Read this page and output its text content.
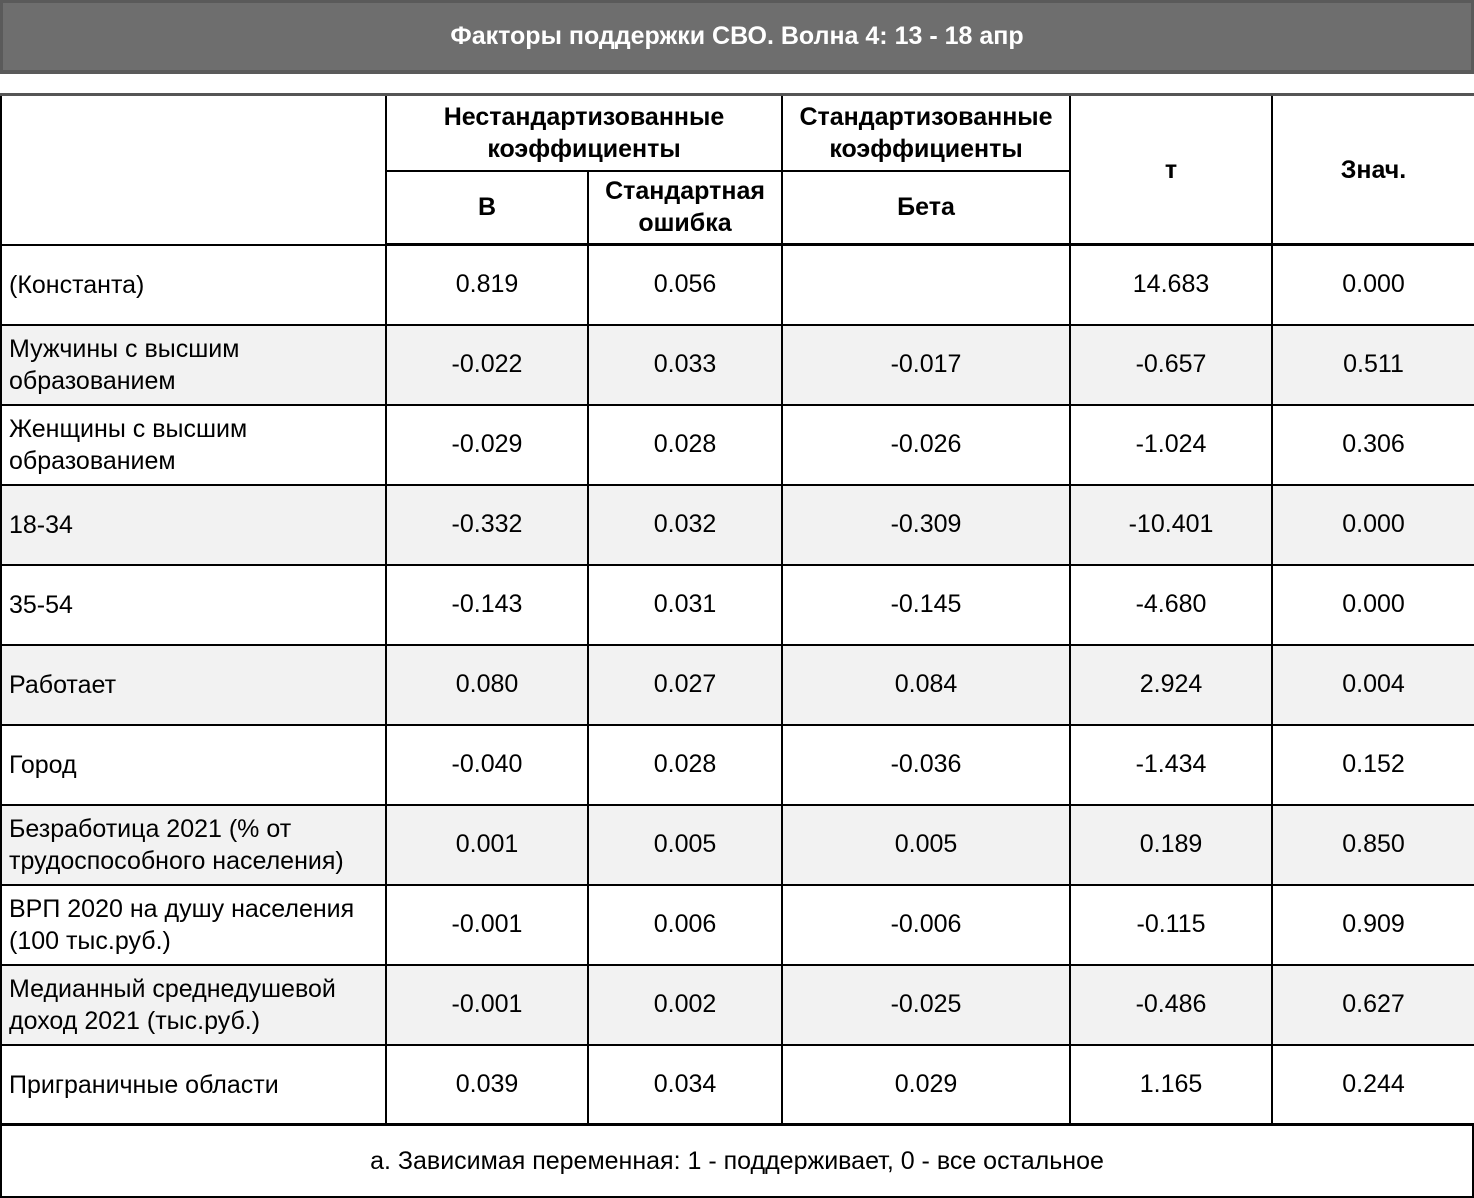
Факторы поддержки СВО. Волна 4: 13 - 18 апр
	Нестандартизованные коэффициенты		Стандартизованные коэффициенты	т	Знач.
	B	Стандартная ошибка	Бета		
(Константа)	0.819	0.056		14.683	0.000
Мужчины с высшим образованием	-0.022	0.033	-0.017	-0.657	0.511
Женщины с высшим образованием	-0.029	0.028	-0.026	-1.024	0.306
18-34	-0.332	0.032	-0.309	-10.401	0.000
35-54	-0.143	0.031	-0.145	-4.680	0.000
Работает	0.080	0.027	0.084	2.924	0.004
Город	-0.040	0.028	-0.036	-1.434	0.152
Безработица 2021 (% от трудоспособного населения)	0.001	0.005	0.005	0.189	0.850
ВРП 2020 на душу населения (100 тыс.руб.)	-0.001	0.006	-0.006	-0.115	0.909
Медианный среднедушевой доход 2021 (тыс.руб.)	-0.001	0.002	-0.025	-0.486	0.627
Приграничные области	0.039	0.034	0.029	1.165	0.244
a. Зависимая переменная: 1 - поддерживает, 0 - все остальное
